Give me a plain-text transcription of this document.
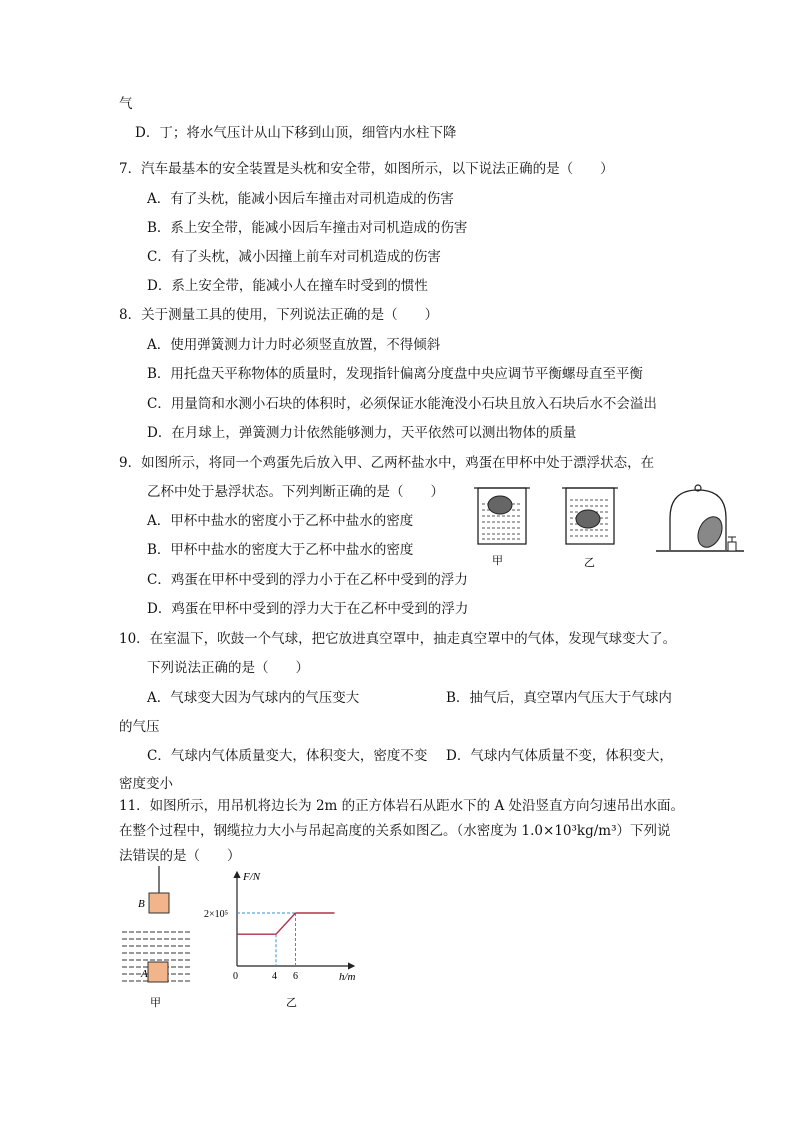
气
D．丁；将水气压计从山下移到山顶，细管内水柱下降
7．汽车最基本的安全装置是头枕和安全带，如图所示，以下说法正确的是（　　）
A．有了头枕，能减小因后车撞击对司机造成的伤害
B．系上安全带，能减小因后车撞击对司机造成的伤害
C．有了头枕，减小因撞上前车对司机造成的伤害
D．系上安全带，能减小人在撞车时受到的惯性
8．关于测量工具的使用，下列说法正确的是（　　）
A．使用弹簧测力计力时必须竖直放置，不得倾斜
B．用托盘天平称物体的质量时，发现指针偏离分度盘中央应调节平衡螺母直至平衡
C．用量筒和水测小石块的体积时，必须保证水能淹没小石块且放入石块后水不会溢出
D．在月球上，弹簧测力计依然能够测力，天平依然可以测出物体的质量
9．如图所示，将同一个鸡蛋先后放入甲、乙两杯盐水中，鸡蛋在甲杯中处于漂浮状态，在
乙杯中处于悬浮状态。下列判断正确的是（　　）
A．甲杯中盐水的密度小于乙杯中盐水的密度
B．甲杯中盐水的密度大于乙杯中盐水的密度
C．鸡蛋在甲杯中受到的浮力小于在乙杯中受到的浮力
D．鸡蛋在甲杯中受到的浮力大于在乙杯中受到的浮力
10．在室温下，吹鼓一个气球，把它放进真空罩中，抽走真空罩中的气体，发现气球变大了。
下列说法正确的是（　　）
A．气球变大因为气球内的气压变大	B．抽气后，真空罩内气压大于气球内
的气压
C．气球内气体质量变大，体积变大，密度不变 D．气球内气体质量不变，体积变大，
密度变小
11．如图所示，用吊机将边长为 2m 的正方体岩石从距水下的 A 处沿竖直方向匀速吊出水面。
在整个过程中，钢缆拉力大小与吊起高度的关系如图乙。（水密度为 1.0×10³kg/m³）下列说
法错误的是（　　）
甲	乙
B
A
甲
F/N
h/m
2×10⁵
0	4 6
乙
